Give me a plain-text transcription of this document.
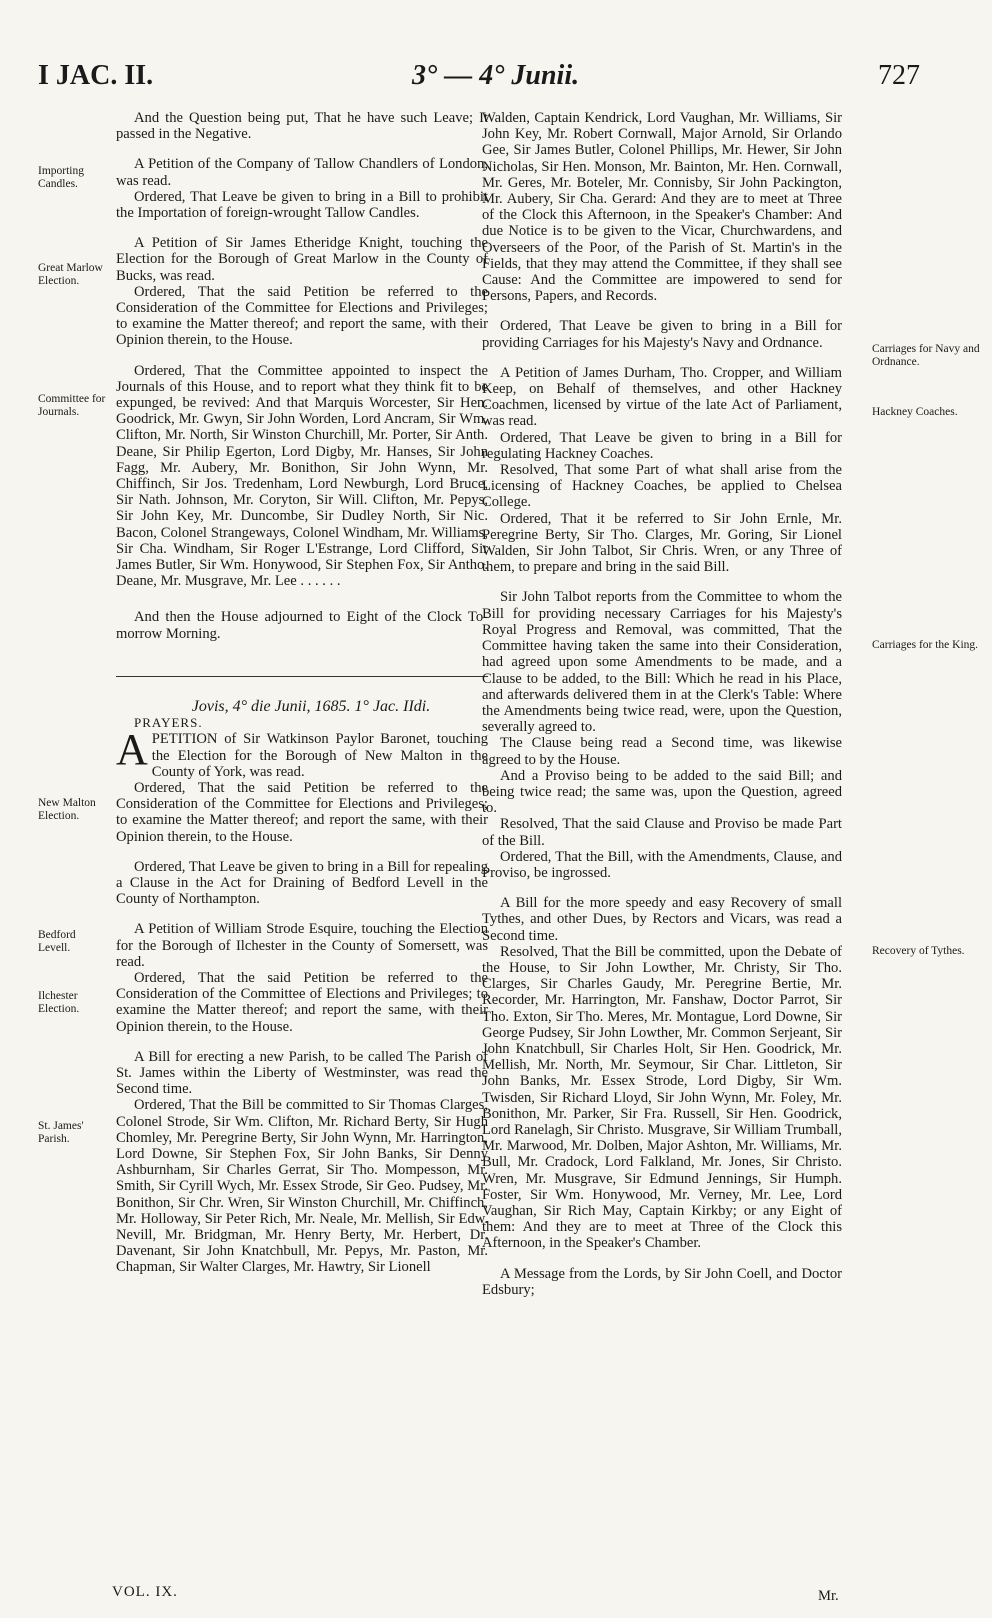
I JAC. II.	3° — 4° Junii.	727
Importing Candles.
Great Marlow Election.
Committee for Journals.
New Malton Election.
Bedford Levell.
Ilchester Election.
St. James' Parish.
Carriages for Navy and Ordnance.
Hackney Coaches.
Carriages for the King.
Recovery of Tythes.

And the Question being put, That he have such Leave; It passed in the Negative.

A Petition of the Company of Tallow Chandlers of London, was read.

Ordered, That Leave be given to bring in a Bill to prohibit the Importation of foreign-wrought Tallow Candles.

A Petition of Sir James Etheridge Knight, touching the Election for the Borough of Great Marlow in the County of Bucks, was read.

Ordered, That the said Petition be referred to the Consideration of the Committee for Elections and Privileges; to examine the Matter thereof; and report the same, with their Opinion therein, to the House.

Ordered, That the Committee appointed to inspect the Journals of this House, and to report what they think fit to be expunged, be revived: And that Marquis Worcester, Sir Hen. Goodrick, Mr. Gwyn, Sir John Worden, Lord Ancram, Sir Wm. Clifton, Mr. North, Sir Winston Churchill, Mr. Porter, Sir Anth. Deane, Sir Philip Egerton, Lord Digby, Mr. Hanses, Sir John Fagg, Mr. Aubery, Mr. Bonithon, Sir John Wynn, Mr. Chiffinch, Sir Jos. Tredenham, Lord Newburgh, Lord Bruce, Sir Nath. Johnson, Mr. Coryton, Sir Will. Clifton, Mr. Pepys, Sir John Key, Mr. Duncombe, Sir Dudley North, Sir Nic. Bacon, Colonel Strangeways, Colonel Windham, Mr. Williams, Sir Cha. Windham, Sir Roger L'Estrange, Lord Clifford, Sir James Butler, Sir Wm. Honywood, Sir Stephen Fox, Sir Antho. Deane, Mr. Musgrave, Mr. Lee . . . . . .

And then the House adjourned to Eight of the Clock To-morrow Morning.

Jovis, 4° die Junii, 1685. 1° Jac. IIdi.

PRAYERS.

APETITION of Sir Watkinson Paylor Baronet, touching the Election for the Borough of New Malton in the County of York, was read.

Ordered, That the said Petition be referred to the Consideration of the Committee for Elections and Privileges; to examine the Matter thereof; and report the same, with their Opinion therein, to the House.

Ordered, That Leave be given to bring in a Bill for repealing a Clause in the Act for Draining of Bedford Levell in the County of Northampton.

A Petition of William Strode Esquire, touching the Election for the Borough of Ilchester in the County of Somersett, was read.

Ordered, That the said Petition be referred to the Consideration of the Committee of Elections and Privileges; to examine the Matter thereof; and report the same, with their Opinion therein, to the House.

A Bill for erecting a new Parish, to be called The Parish of St. James within the Liberty of Westminster, was read the Second time.

Ordered, That the Bill be committed to Sir Thomas Clarges, Colonel Strode, Sir Wm. Clifton, Mr. Richard Berty, Sir Hugh Chomley, Mr. Peregrine Berty, Sir John Wynn, Mr. Harrington, Lord Downe, Sir Stephen Fox, Sir John Banks, Sir Denny Ashburnham, Sir Charles Gerrat, Sir Tho. Mompesson, Mr. Smith, Sir Cyrill Wych, Mr. Essex Strode, Sir Geo. Pudsey, Mr. Bonithon, Sir Chr. Wren, Sir Winston Churchill, Mr. Chiffinch, Mr. Holloway, Sir Peter Rich, Mr. Neale, Mr. Mellish, Sir Edw. Nevill, Mr. Bridgman, Mr. Henry Berty, Mr. Herbert, Dr. Davenant, Sir John Knatchbull, Mr. Pepys, Mr. Paston, Mr. Chapman, Sir Walter Clarges, Mr. Hawtry, Sir Lionell

Walden, Captain Kendrick, Lord Vaughan, Mr. Williams, Sir John Key, Mr. Robert Cornwall, Major Arnold, Sir Orlando Gee, Sir James Butler, Colonel Phillips, Mr. Hewer, Sir John Nicholas, Sir Hen. Monson, Mr. Bainton, Mr. Hen. Cornwall, Mr. Geres, Mr. Boteler, Mr. Connisby, Sir John Packington, Mr. Aubery, Sir Cha. Gerard: And they are to meet at Three of the Clock this Afternoon, in the Speaker's Chamber: And due Notice is to be given to the Vicar, Churchwardens, and Overseers of the Poor, of the Parish of St. Martin's in the Fields, that they may attend the Committee, if they shall see Cause: And the Committee are impowered to send for Persons, Papers, and Records.

Ordered, That Leave be given to bring in a Bill for providing Carriages for his Majesty's Navy and Ordnance.

A Petition of James Durham, Tho. Cropper, and William Keep, on Behalf of themselves, and other Hackney Coachmen, licensed by virtue of the late Act of Parliament, was read.

Ordered, That Leave be given to bring in a Bill for regulating Hackney Coaches.

Resolved, That some Part of what shall arise from the Licensing of Hackney Coaches, be applied to Chelsea College.

Ordered, That it be referred to Sir John Ernle, Mr. Peregrine Berty, Sir Tho. Clarges, Mr. Goring, Sir Lionel Walden, Sir John Talbot, Sir Chris. Wren, or any Three of them, to prepare and bring in the said Bill.

Sir John Talbot reports from the Committee to whom the Bill for providing necessary Carriages for his Majesty's Royal Progress and Removal, was committed, That the Committee having taken the same into their Consideration, had agreed upon some Amendments to be made, and a Clause to be added, to the Bill: Which he read in his Place, and afterwards delivered them in at the Clerk's Table: Where the Amendments being twice read, were, upon the Question, severally agreed to.

The Clause being read a Second time, was likewise agreed to by the House.

And a Proviso being to be added to the said Bill; and being twice read; the same was, upon the Question, agreed to.

Resolved, That the said Clause and Proviso be made Part of the Bill.

Ordered, That the Bill, with the Amendments, Clause, and Proviso, be ingrossed.

A Bill for the more speedy and easy Recovery of small Tythes, and other Dues, by Rectors and Vicars, was read a Second time.

Resolved, That the Bill be committed, upon the Debate of the House, to Sir John Lowther, Mr. Christy, Sir Tho. Clarges, Sir Charles Gaudy, Mr. Peregrine Bertie, Mr. Recorder, Mr. Harrington, Mr. Fanshaw, Doctor Parrot, Sir Tho. Exton, Sir Tho. Meres, Mr. Montague, Lord Downe, Sir George Pudsey, Sir John Lowther, Mr. Common Serjeant, Sir John Knatchbull, Sir Charles Holt, Sir Hen. Goodrick, Mr. Mellish, Mr. North, Mr. Seymour, Sir Char. Littleton, Sir John Banks, Mr. Essex Strode, Lord Digby, Sir Wm. Twisden, Sir Richard Lloyd, Sir John Wynn, Mr. Foley, Mr. Bonithon, Mr. Parker, Sir Fra. Russell, Sir Hen. Goodrick, Lord Ranelagh, Sir Christo. Musgrave, Sir William Trumball, Mr. Marwood, Mr. Dolben, Major Ashton, Mr. Williams, Mr. Bull, Mr. Cradock, Lord Falkland, Mr. Jones, Sir Christo. Wren, Mr. Musgrave, Sir Edmund Jennings, Sir Humph. Foster, Sir Wm. Honywood, Mr. Verney, Mr. Lee, Lord Vaughan, Sir Rich May, Captain Kirkby; or any Eight of them: And they are to meet at Three of the Clock this Afternoon, in the Speaker's Chamber.

A Message from the Lords, by Sir John Coell, and Doctor Edsbury;

VOL. IX.	Mr.
